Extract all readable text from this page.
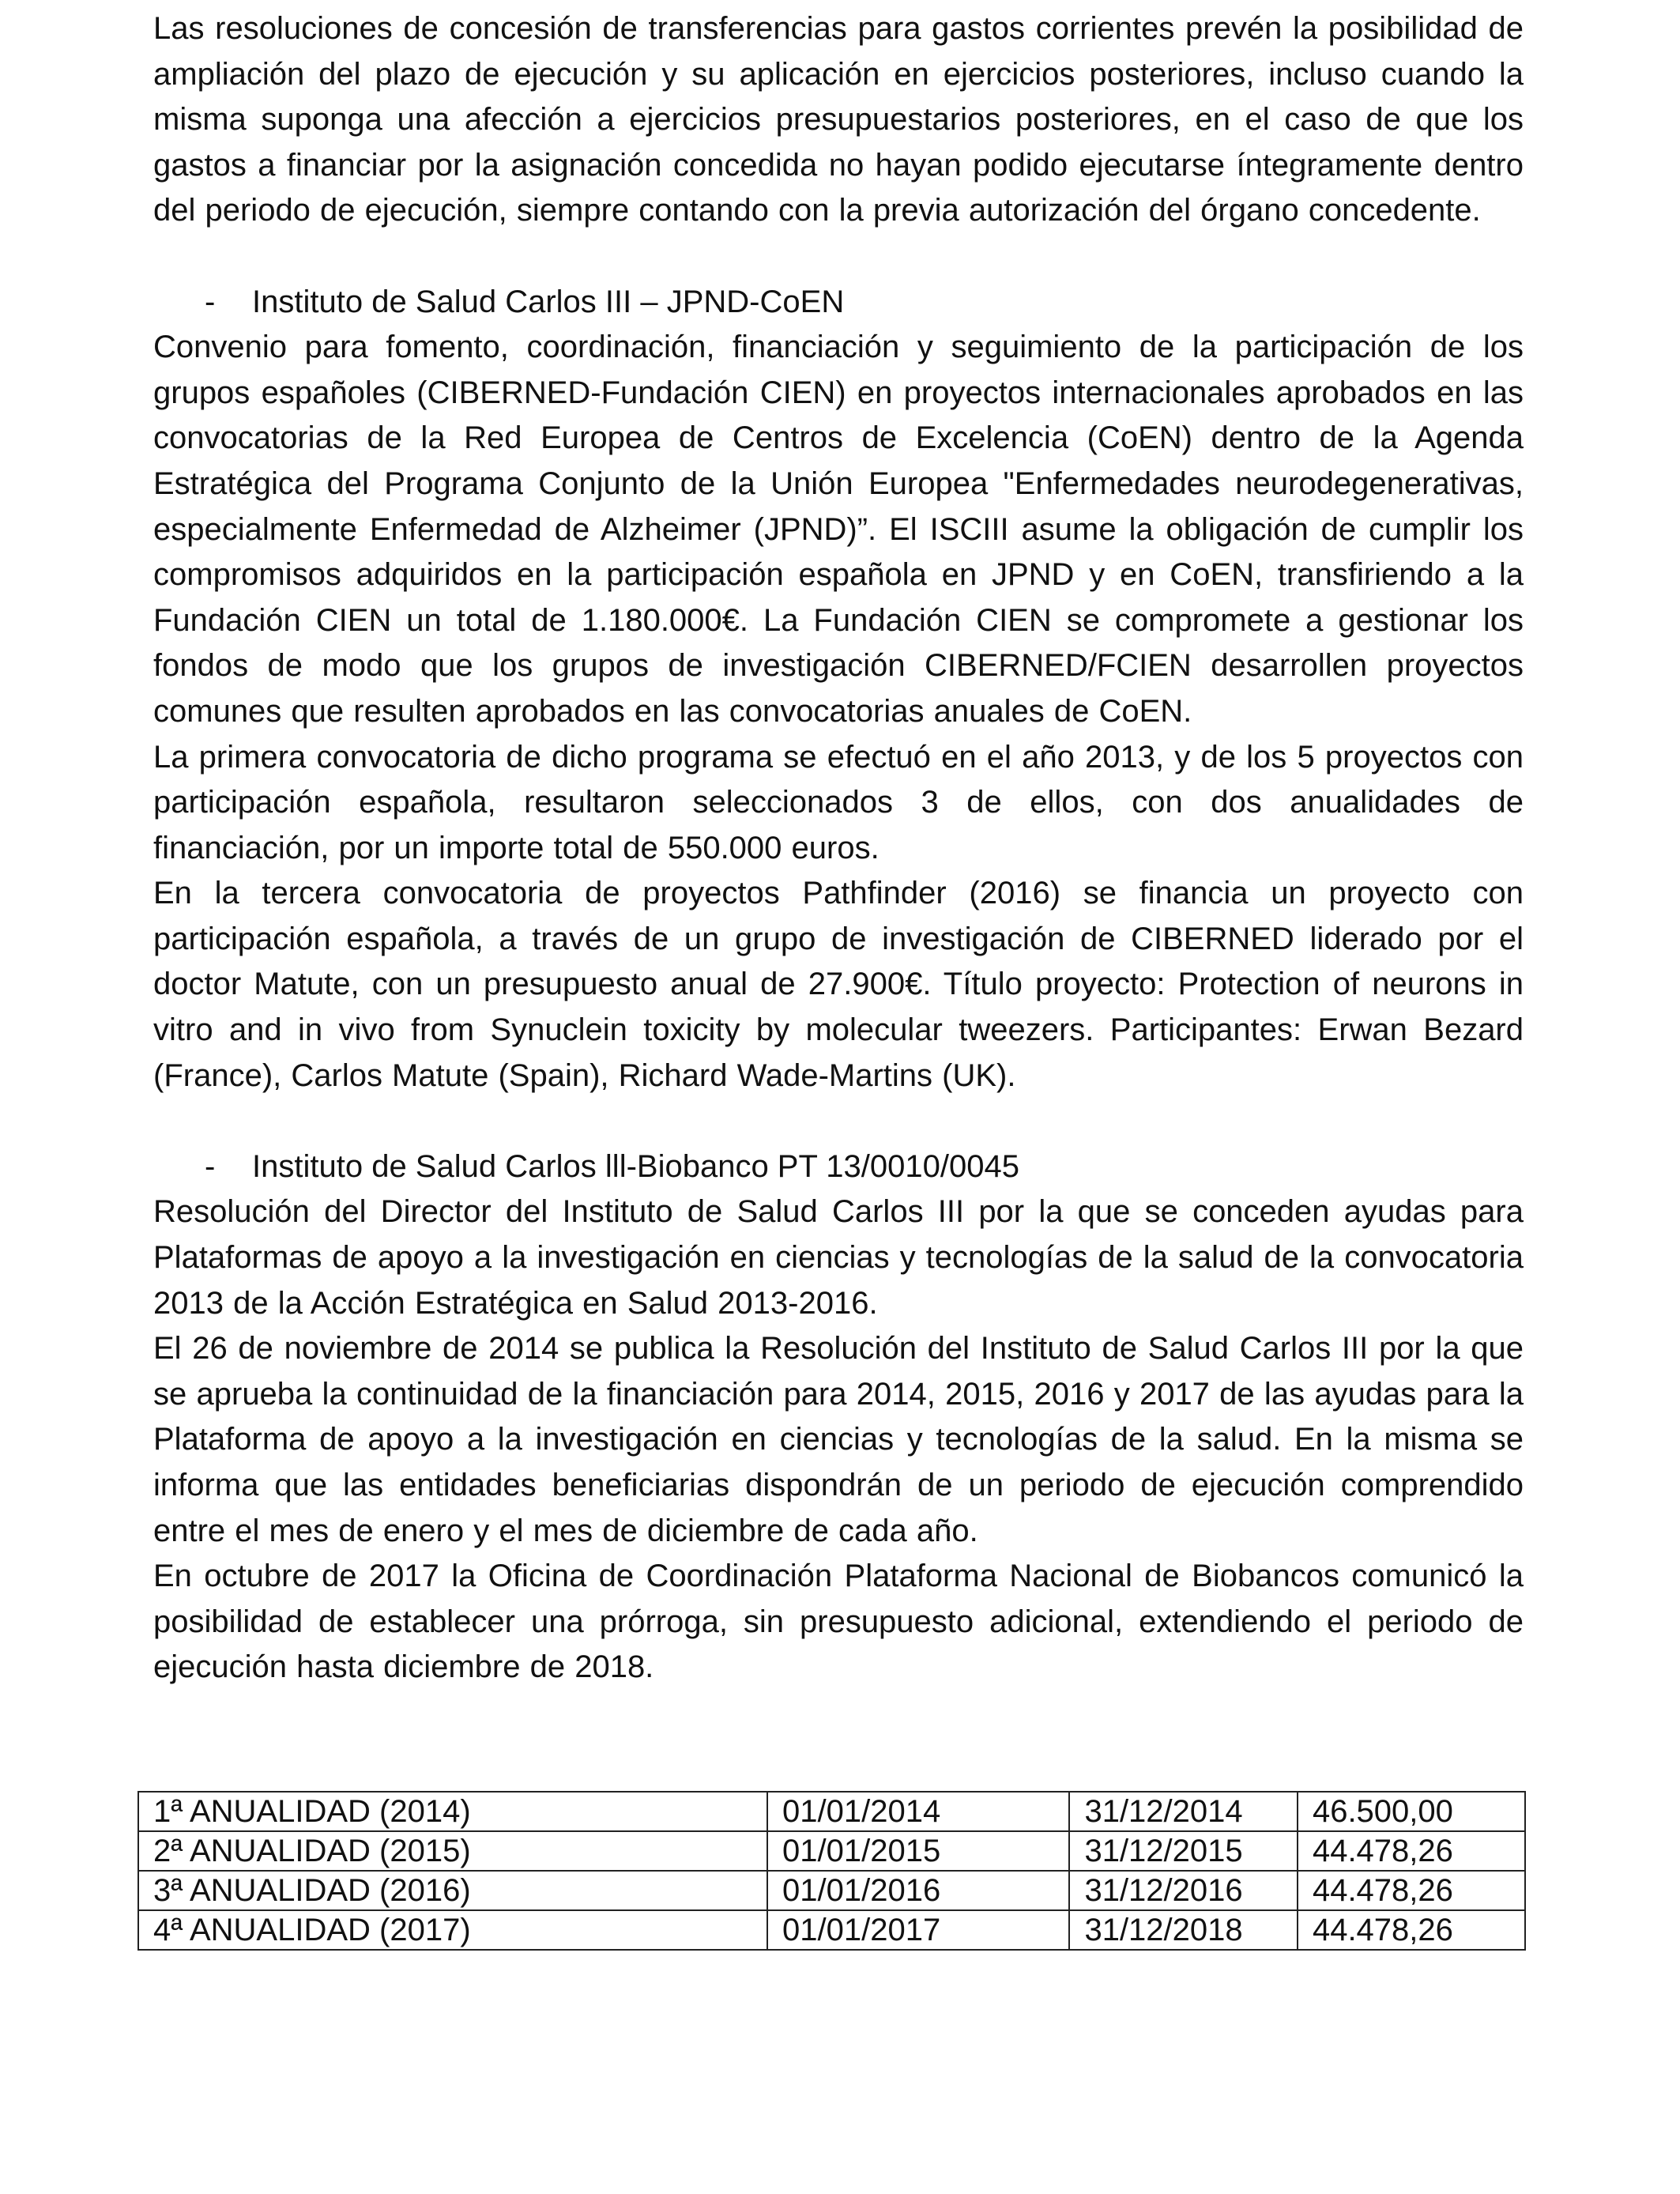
Las resoluciones de concesión de transferencias para gastos corrientes prevén la posibilidad de ampliación del plazo de ejecución y su aplicación en ejercicios posteriores, incluso cuando la misma suponga una afección a ejercicios presupuestarios posteriores, en el caso de que los gastos a financiar por la asignación concedida no hayan podido ejecutarse íntegramente dentro del periodo de ejecución, siempre contando con la previa autorización del órgano concedente.

- Instituto de Salud Carlos III – JPND-CoEN

Convenio para fomento, coordinación, financiación y seguimiento de la participación de los grupos españoles (CIBERNED-Fundación CIEN) en proyectos internacionales aprobados en las convocatorias de la Red Europea de Centros de Excelencia (CoEN) dentro de la Agenda Estratégica del Programa Conjunto de la Unión Europea "Enfermedades neurodegenerativas, especialmente Enfermedad de Alzheimer (JPND)”. El ISCIII asume la obligación de cumplir los compromisos adquiridos en la participación española en JPND y en CoEN, transfiriendo a la Fundación CIEN un total de 1.180.000€. La Fundación CIEN se compromete a gestionar los fondos de modo que los grupos de investigación CIBERNED/FCIEN desarrollen proyectos comunes que resulten aprobados en las convocatorias anuales de CoEN.

La primera convocatoria de dicho programa se efectuó en el año 2013, y de los 5 proyectos con participación española, resultaron seleccionados 3 de ellos, con dos anualidades de financiación, por un importe total de 550.000 euros.

En la tercera convocatoria de proyectos Pathfinder (2016) se financia un proyecto con participación española, a través de un grupo de investigación de CIBERNED liderado por el doctor Matute, con un presupuesto anual de 27.900€. Título proyecto: Protection of neurons in vitro and in vivo from Synuclein toxicity by molecular tweezers. Participantes: Erwan Bezard (France), Carlos Matute (Spain), Richard Wade-Martins (UK).

- Instituto de Salud Carlos lll-Biobanco PT 13/0010/0045

Resolución del Director del Instituto de Salud Carlos III por la que se conceden ayudas para Plataformas de apoyo a la investigación en ciencias y tecnologías de la salud de la convocatoria 2013 de la Acción Estratégica en Salud 2013-2016.

El 26 de noviembre de 2014 se publica la Resolución del Instituto de Salud Carlos III por la que se aprueba la continuidad de la financiación para 2014, 2015, 2016 y 2017 de las ayudas para la Plataforma de apoyo a la investigación en ciencias y tecnologías de la salud. En la misma se informa que las entidades beneficiarias dispondrán de un periodo de ejecución comprendido entre el mes de enero y el mes de diciembre de cada año.

En octubre de 2017 la Oficina de Coordinación Plataforma Nacional de Biobancos comunicó la posibilidad de establecer una prórroga, sin presupuesto adicional, extendiendo el periodo de ejecución hasta diciembre de 2018.

1ª ANUALIDAD (2014)	01/01/2014	31/12/2014	46.500,00
2ª ANUALIDAD (2015)	01/01/2015	31/12/2015	44.478,26
3ª ANUALIDAD (2016)	01/01/2016	31/12/2016	44.478,26
4ª ANUALIDAD (2017)	01/01/2017	31/12/2018	44.478,26
